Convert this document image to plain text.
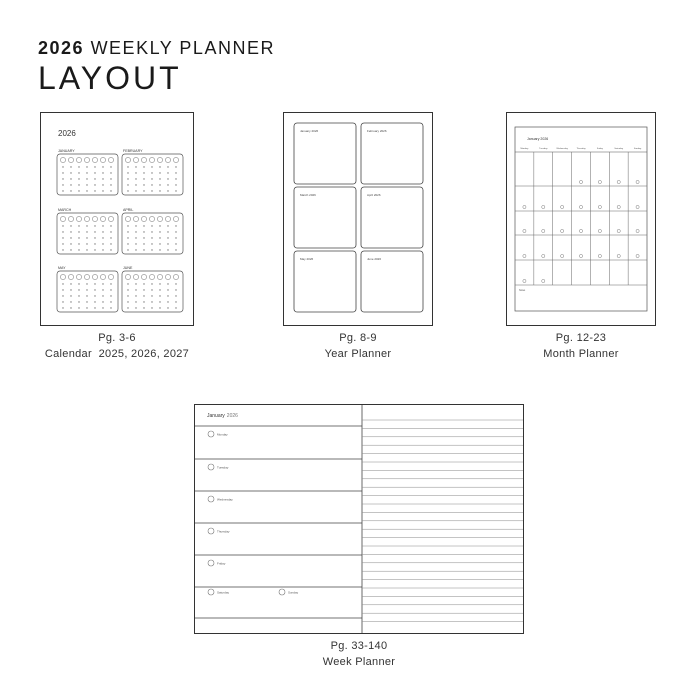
2026 WEEKLY PLANNER
LAYOUT
2026
JANUARY	FEBRUARY
MARCH	APRIL
MAY	JUNE
Pg. 3-6
Calendar  2025, 2026, 2027
January 2026	February 2026
March 2026	April 2026
May 2026	June 2026
Pg. 8-9
Year Planner
January 2026
Monday	Tuesday	Wednesday	Thursday	Friday	Saturday	Sunday
Notes
Pg. 12-23
Month Planner
January 2026
Monday
Tuesday
Wednesday
Thursday
Friday
Saturday	Sunday
Pg. 33-140
Week Planner
